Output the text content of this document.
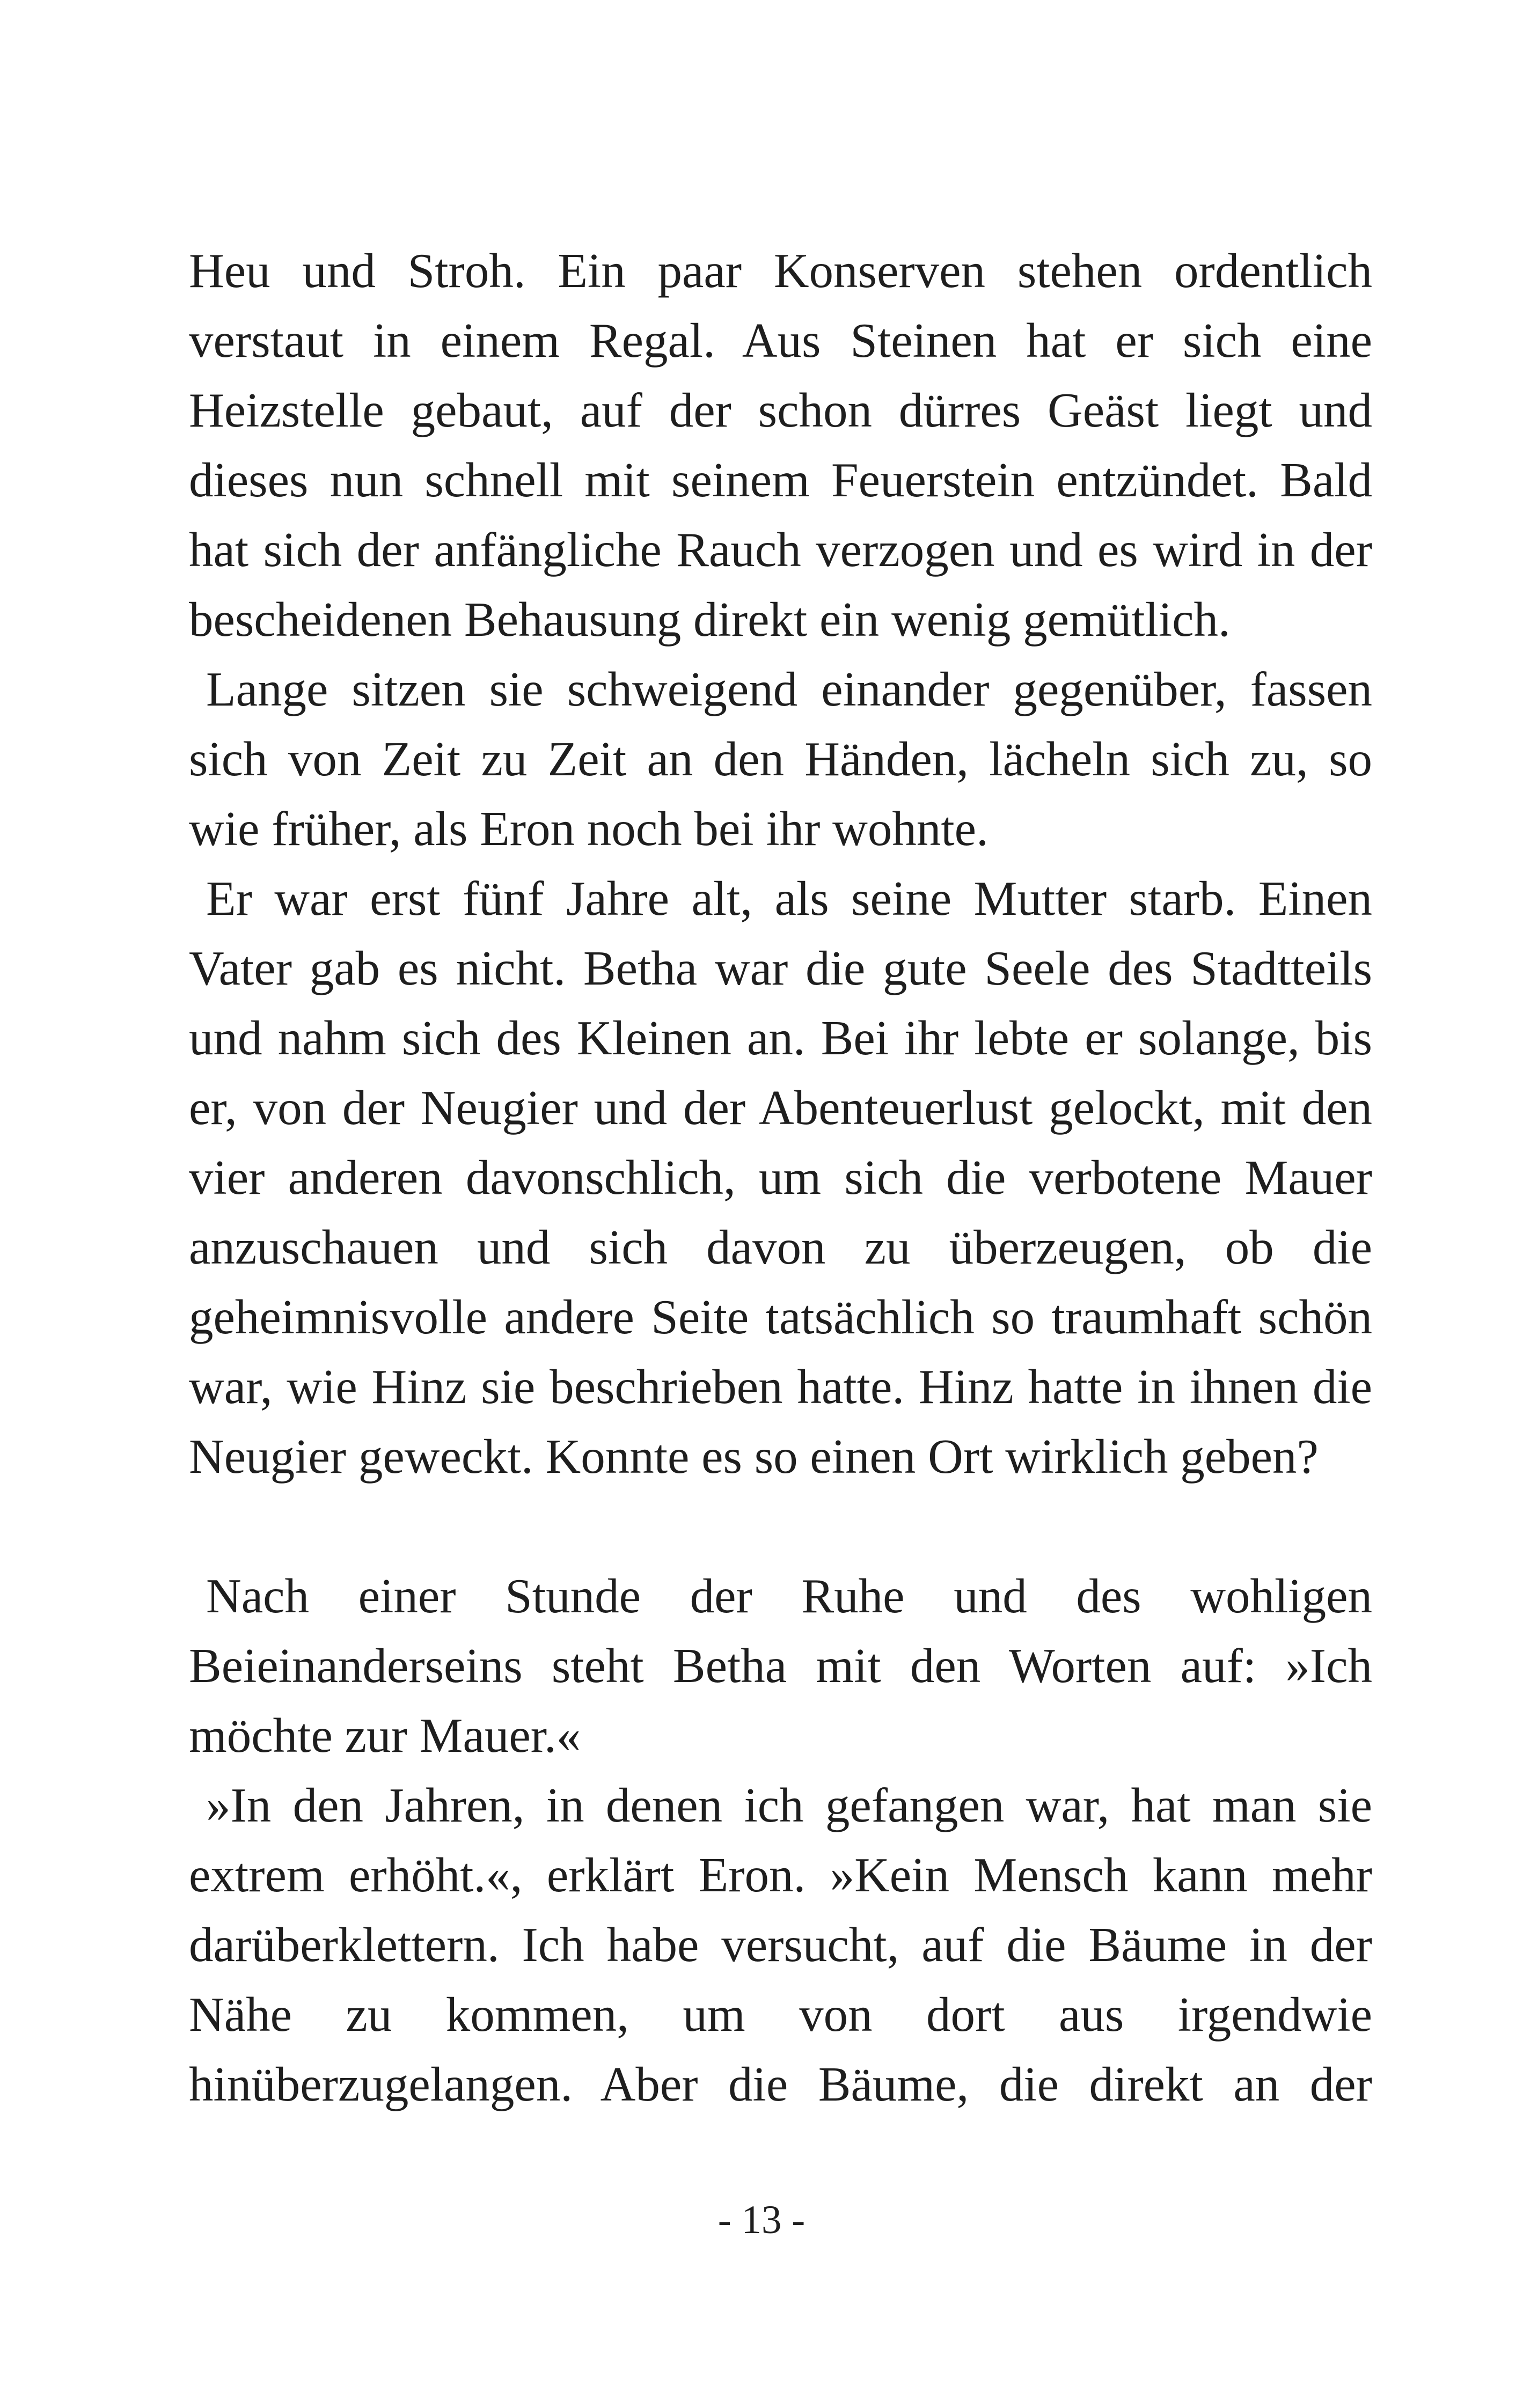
Heu und Stroh. Ein paar Konserven stehen ordentlich
verstaut in einem Regal. Aus Steinen hat er sich eine
Heizstelle gebaut, auf der schon dürres Geäst liegt und
dieses nun schnell mit seinem Feuerstein entzündet. Bald
hat sich der anfängliche Rauch verzogen und es wird in der
bescheidenen Behausung direkt ein wenig gemütlich.

Lange sitzen sie schweigend einander gegenüber, fassen
sich von Zeit zu Zeit an den Händen, lächeln sich zu, so
wie früher, als Eron noch bei ihr wohnte.

Er war erst fünf Jahre alt, als seine Mutter starb. Einen
Vater gab es nicht. Betha war die gute Seele des Stadtteils
und nahm sich des Kleinen an. Bei ihr lebte er solange, bis
er, von der Neugier und der Abenteuerlust gelockt, mit den
vier anderen davonschlich, um sich die verbotene Mauer
anzuschauen und sich davon zu überzeugen, ob die
geheimnisvolle andere Seite tatsächlich so traumhaft schön
war, wie Hinz sie beschrieben hatte. Hinz hatte in ihnen die
Neugier geweckt. Konnte es so einen Ort wirklich geben?

Nach einer Stunde der Ruhe und des wohligen
Beieinanderseins steht Betha mit den Worten auf: »Ich
möchte zur Mauer.«

»In den Jahren, in denen ich gefangen war, hat man sie
extrem erhöht.«, erklärt Eron. »Kein Mensch kann mehr
darüberklettern. Ich habe versucht, auf die Bäume in der
Nähe zu kommen, um von dort aus irgendwie
hinüberzugelangen. Aber die Bäume, die direkt an der

- 13 -
